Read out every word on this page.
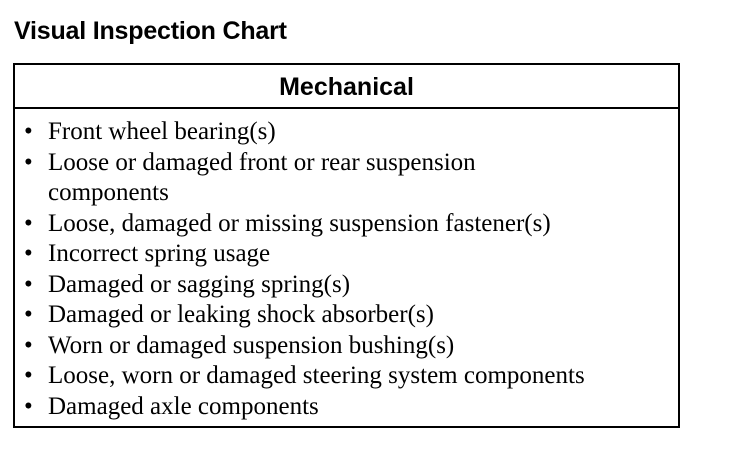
Visual Inspection Chart
Mechanical
• Front wheel bearing(s)
• Loose or damaged front or rear suspension components
• Loose, damaged or missing suspension fastener(s)
• Incorrect spring usage
• Damaged or sagging spring(s)
• Damaged or leaking shock absorber(s)
• Worn or damaged suspension bushing(s)
• Loose, worn or damaged steering system components
• Damaged axle components
